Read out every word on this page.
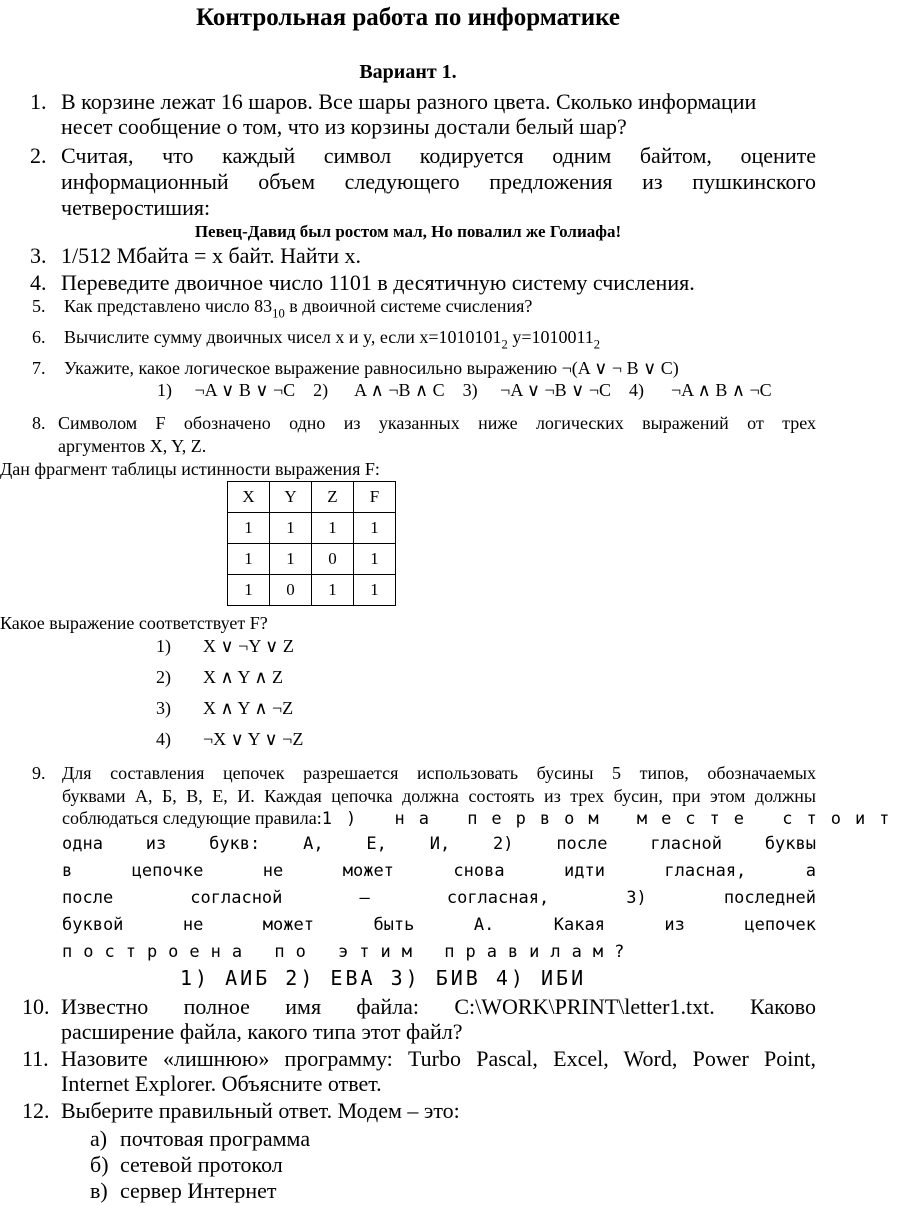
Контрольная работа по информатике
Вариант 1.
1. В корзине лежат 16 шаров. Все шары разного цвета. Сколько информации
несет сообщение о том, что из корзины достали белый шар?
2. Считая, что каждый символ кодируется одним байтом, оцените
информационный объем следующего предложения из пушкинского
четверостишия:
Певец-Давид был ростом мал, Но повалил же Голиафа!
3. 1/512 Мбайта = х байт. Найти х.
4. Переведите двоичное число 1101 в десятичную систему счисления.
5. Как представлено число $83_{10}$ в двоичной системе счисления?
6. Вычислите сумму двоичных чисел x и y, если $x=1010101_2$ $y=1010011_2$
7. Укажите, какое логическое выражение равносильно выражению ¬(A ∨ ¬ B ∨ C)
1)     ¬A ∨ B ∨ ¬C    2)      A ∧ ¬B ∧ C    3)     ¬A ∨ ¬B ∨ ¬C    4)      ¬A ∧ B ∧ ¬C
8. Символом F обозначено одно из указанных ниже логических выражений от трех
аргументов X, Y, Z.
Дан фрагмент таблицы истинности выражения F:
X	Y	Z	F
1	1	1	1
1	1	0	1
1	0	1	1
Какое выражение соответствует F?
1) X ∨ ¬Y ∨ Z
2) X ∧ Y ∧ Z
3) X ∧ Y ∧ ¬Z
4) ¬X ∨ Y ∨ ¬Z
9. Для составления цепочек разрешается использовать бусины 5 типов, обозначаемых
буквами А, Б, В, Е, И. Каждая цепочка должна состоять из трех бусин, при этом должны
соблюдаться следующие правила: 1) на первом месте стоит
одна из букв: А, Е, И, 2) после гласной буквы
в цепочке не может снова идти гласная, а
после согласной – согласная, 3) последней
буквой не может быть А. Какая из цепочек
построена по этим правилам?
1) АИБ 2) ЕВА 3) БИВ 4) ИБИ
10. Известно полное имя файла: C:\WORK\PRINT\letter1.txt. Каково
расширение файла, какого типа этот файл?
11. Назовите «лишнюю» программу: Turbo Pascal, Excel, Word, Power Point,
Internet Explorer. Объясните ответ.
12. Выберите правильный ответ. Модем – это:
а) почтовая программа
б) сетевой протокол
в) сервер Интернет
